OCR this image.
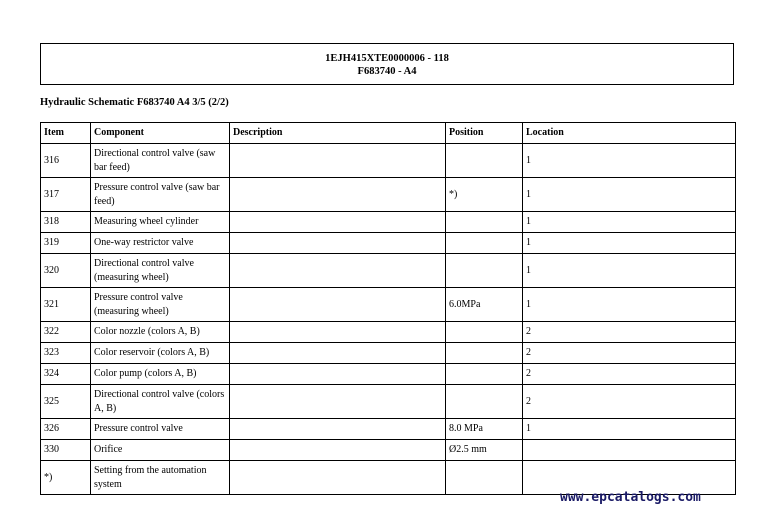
1EJH415XTE0000006 - 118
F683740 - A4
Hydraulic Schematic F683740 A4 3/5 (2/2)
Item	Component	Description	Position	Location
316	Directional control valve (saw bar feed)			1
317	Pressure control valve (saw bar feed)		*)	1
318	Measuring wheel cylinder			1
319	One-way restrictor valve			1
320	Directional control valve (measuring wheel)			1
321	Pressure control valve (measuring wheel)		6.0MPa	1
322	Color nozzle (colors A, B)			2
323	Color reservoir (colors A, B)			2
324	Color pump (colors A, B)			2
325	Directional control valve (colors A, B)			2
326	Pressure control valve		8.0 MPa	1
330	Orifice		Ø2.5 mm	
*)	Setting from the automation system			
www.epcatalogs.com
